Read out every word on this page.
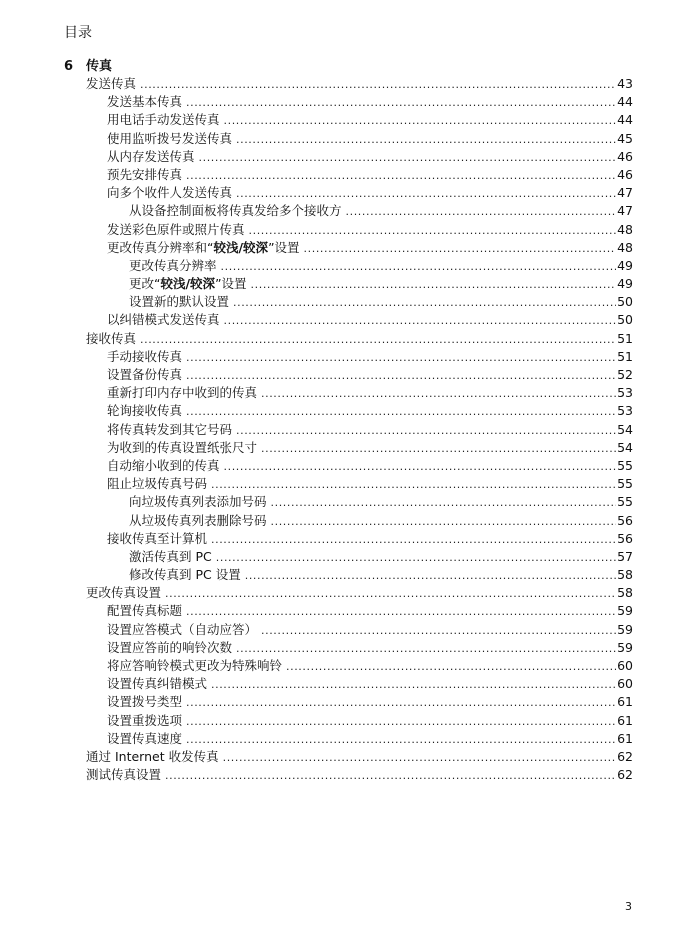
目录
6 传真
发送传真 .....	43
发送基本传真 .....	44
用电话手动发送传真 .....	44
使用监听拨号发送传真 .....	45
从内存发送传真 .....	46
预先安排传真 .....	46
向多个收件人发送传真 .....	47
从设备控制面板将传真发给多个接收方 .....	47
发送彩色原件或照片传真 .....	48
更改传真分辨率和“较浅/较深”设置 .....	48
更改传真分辨率 .....	49
更改“较浅/较深”设置 .....	49
设置新的默认设置 .....	50
以纠错模式发送传真 .....	50
接收传真 .....	51
手动接收传真 .....	51
设置备份传真 .....	52
重新打印内存中收到的传真 .....	53
轮询接收传真 .....	53
将传真转发到其它号码 .....	54
为收到的传真设置纸张尺寸 .....	54
自动缩小收到的传真 .....	55
阻止垃圾传真号码 .....	55
向垃圾传真列表添加号码 .....	55
从垃圾传真列表删除号码 .....	56
接收传真至计算机 .....	56
激活传真到 PC .....	57
修改传真到 PC 设置 .....	58
更改传真设置 .....	58
配置传真标题 .....	59
设置应答模式（自动应答） .....	59
设置应答前的响铃次数 .....	59
将应答响铃模式更改为特殊响铃 .....	60
设置传真纠错模式 .....	60
设置拨号类型 .....	61
设置重拨选项 .....	61
设置传真速度 .....	61
通过 Internet 收发传真 .....	62
测试传真设置 .....	62
3
